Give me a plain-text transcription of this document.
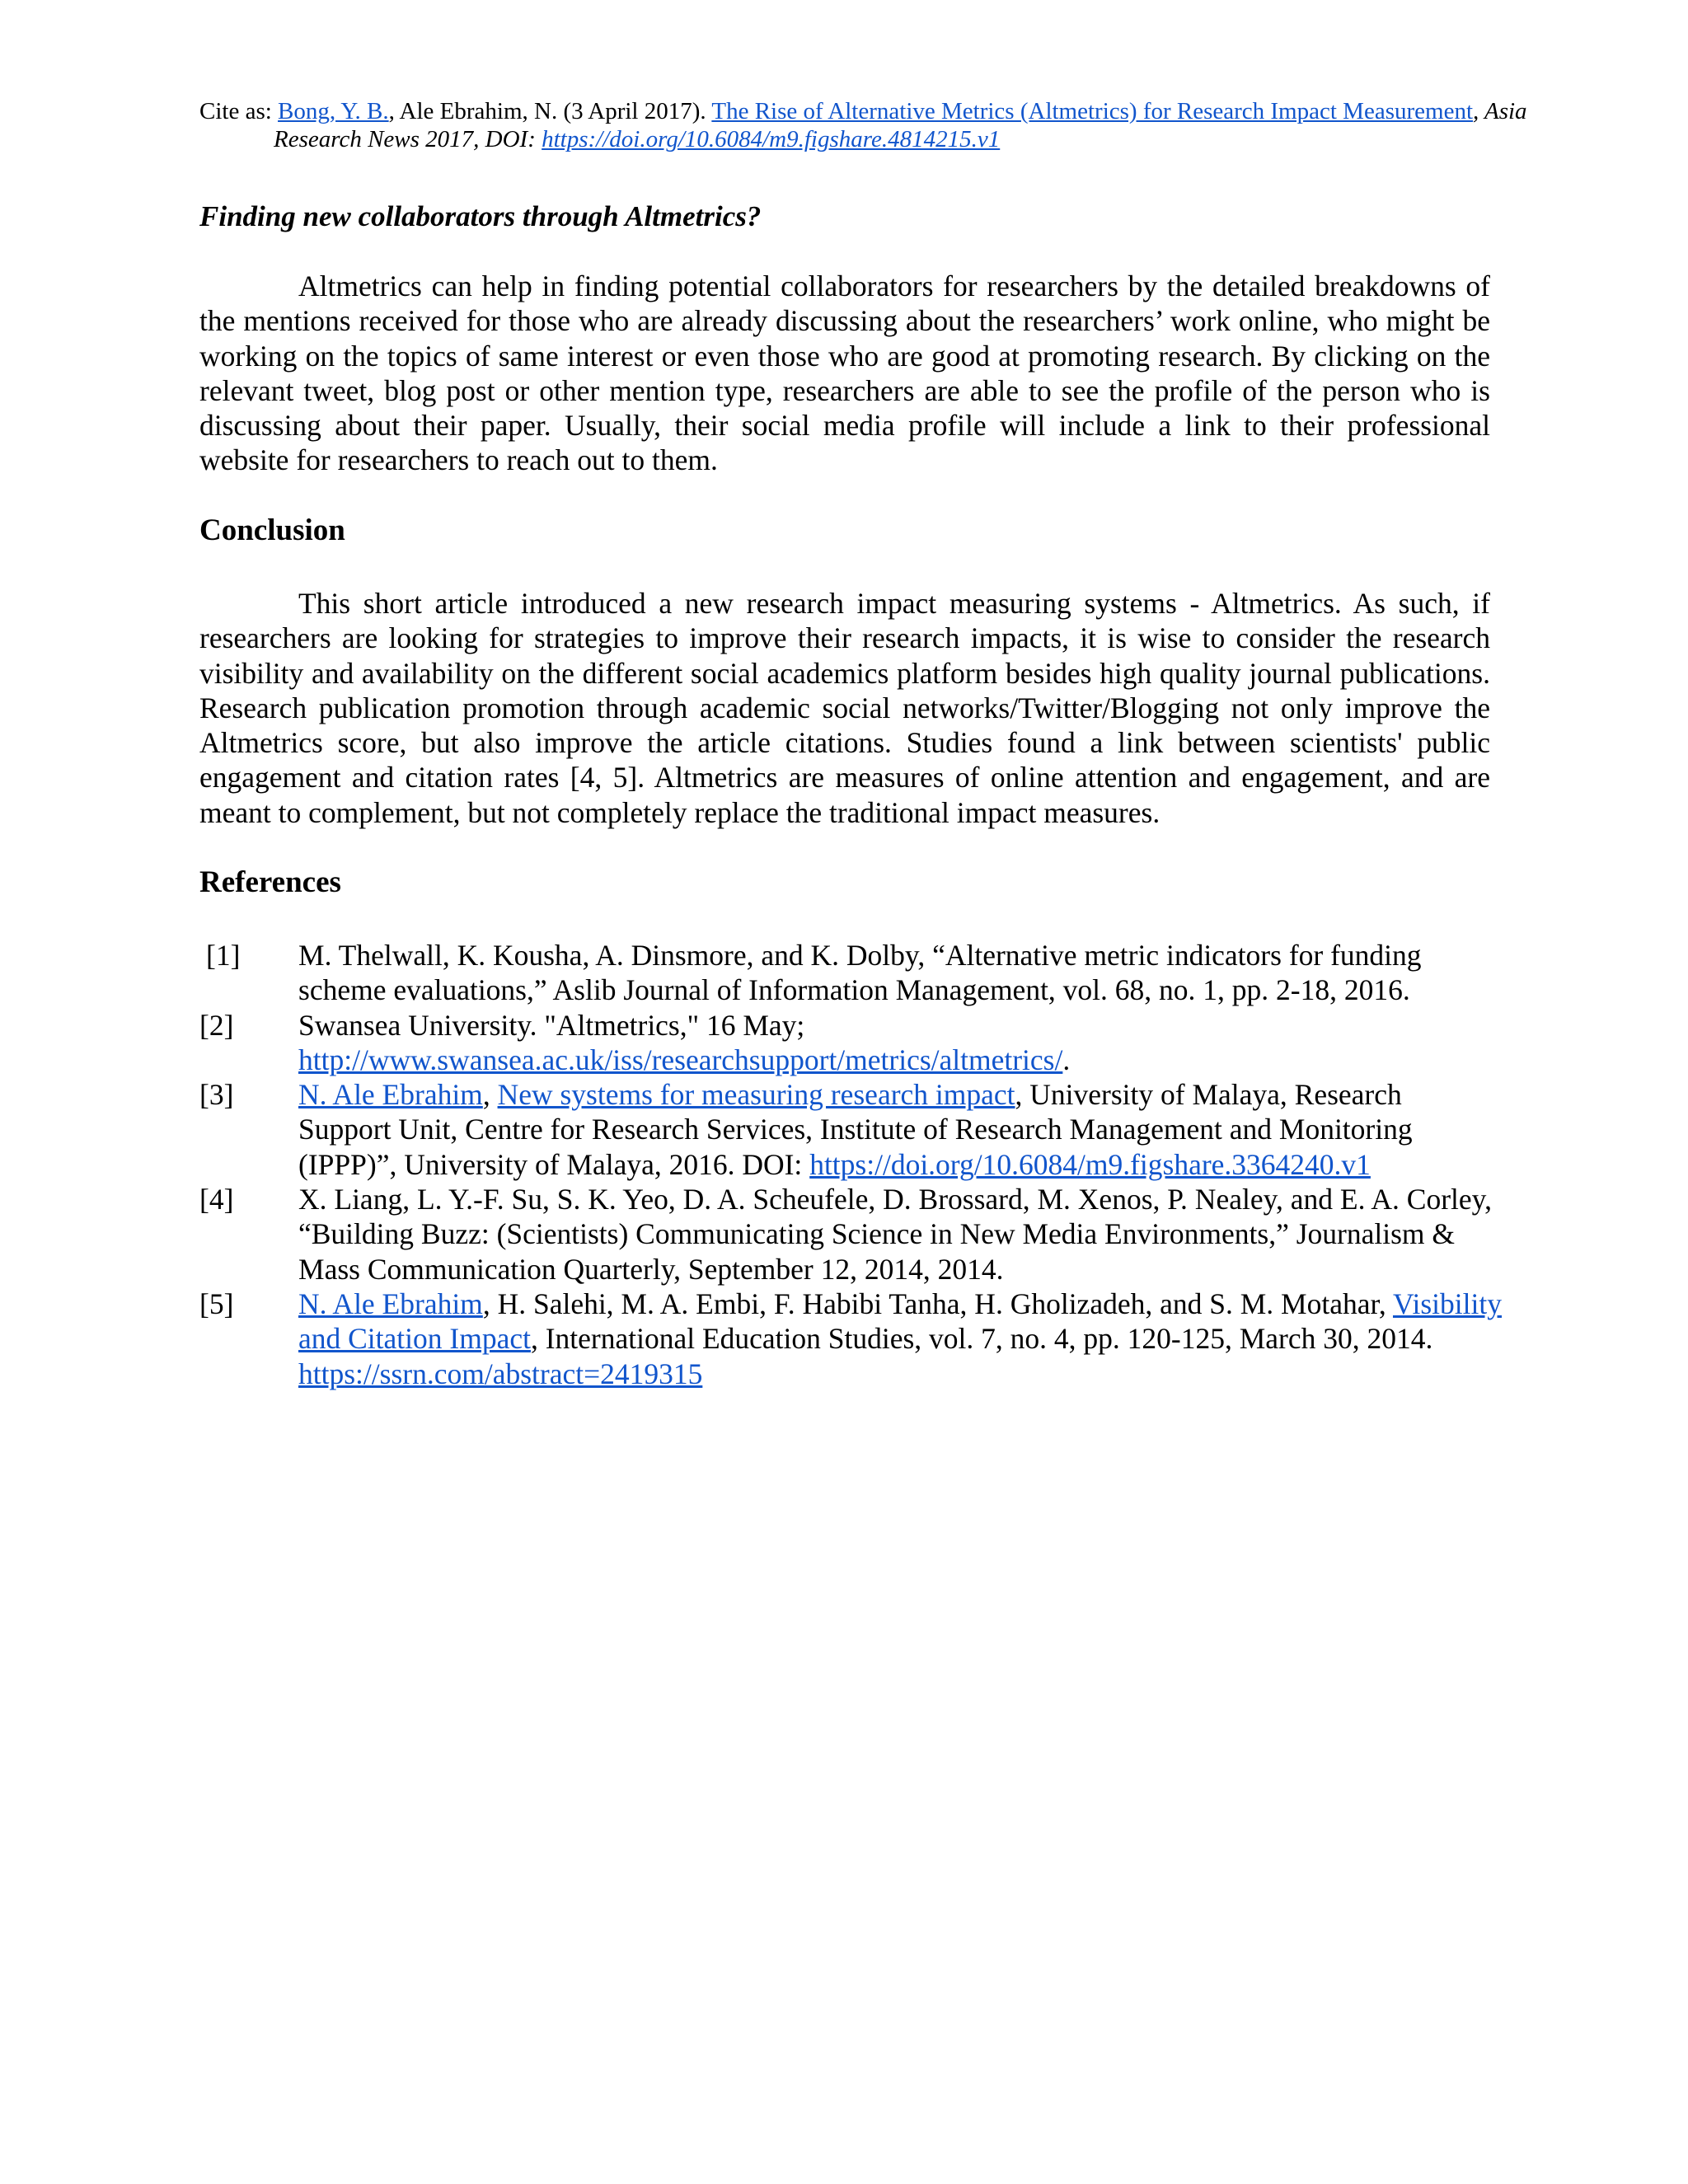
Cite as: Bong, Y. B., Ale Ebrahim, N. (3 April 2017). The Rise of Alternative Metrics (Altmetrics) for Research Impact Measurement, Asia Research News 2017, DOI: https://doi.org/10.6084/m9.figshare.4814215.v1
Finding new collaborators through Altmetrics?

Altmetrics can help in finding potential collaborators for researchers by the detailed breakdowns of the mentions received for those who are already discussing about the researchers’ work online, who might be working on the topics of same interest or even those who are good at promoting research. By clicking on the relevant tweet, blog post or other mention type, researchers are able to see the profile of the person who is discussing about their paper. Usually, their social media profile will include a link to their professional website for researchers to reach out to them.

Conclusion

This short article introduced a new research impact measuring systems - Altmetrics. As such, if researchers are looking for strategies to improve their research impacts, it is wise to consider the research visibility and availability on the different social academics platform besides high quality journal publications. Research publication promotion through academic social networks/Twitter/Blogging not only improve the Altmetrics score, but also improve the article citations. Studies found a link between scientists' public engagement and citation rates [4, 5]. Altmetrics are measures of online attention and engagement, and are meant to complement, but not completely replace the traditional impact measures.

References
[1] M. Thelwall, K. Kousha, A. Dinsmore, and K. Dolby, “Alternative metric indicators for funding scheme evaluations,” Aslib Journal of Information Management, vol. 68, no. 1, pp. 2-18, 2016.
[2] Swansea University. "Altmetrics," 16 May; http://www.swansea.ac.uk/iss/researchsupport/metrics/altmetrics/.
[3] N. Ale Ebrahim, New systems for measuring research impact, University of Malaya, Research Support Unit, Centre for Research Services, Institute of Research Management and Monitoring (IPPP)”, University of Malaya, 2016. DOI: https://doi.org/10.6084/m9.figshare.3364240.v1
[4] X. Liang, L. Y.-F. Su, S. K. Yeo, D. A. Scheufele, D. Brossard, M. Xenos, P. Nealey, and E. A. Corley, “Building Buzz: (Scientists) Communicating Science in New Media Environments,” Journalism & Mass Communication Quarterly, September 12, 2014, 2014.
[5] N. Ale Ebrahim, H. Salehi, M. A. Embi, F. Habibi Tanha, H. Gholizadeh, and S. M. Motahar, Visibility and Citation Impact, International Education Studies, vol. 7, no. 4, pp. 120-125, March 30, 2014. https://ssrn.com/abstract=2419315
